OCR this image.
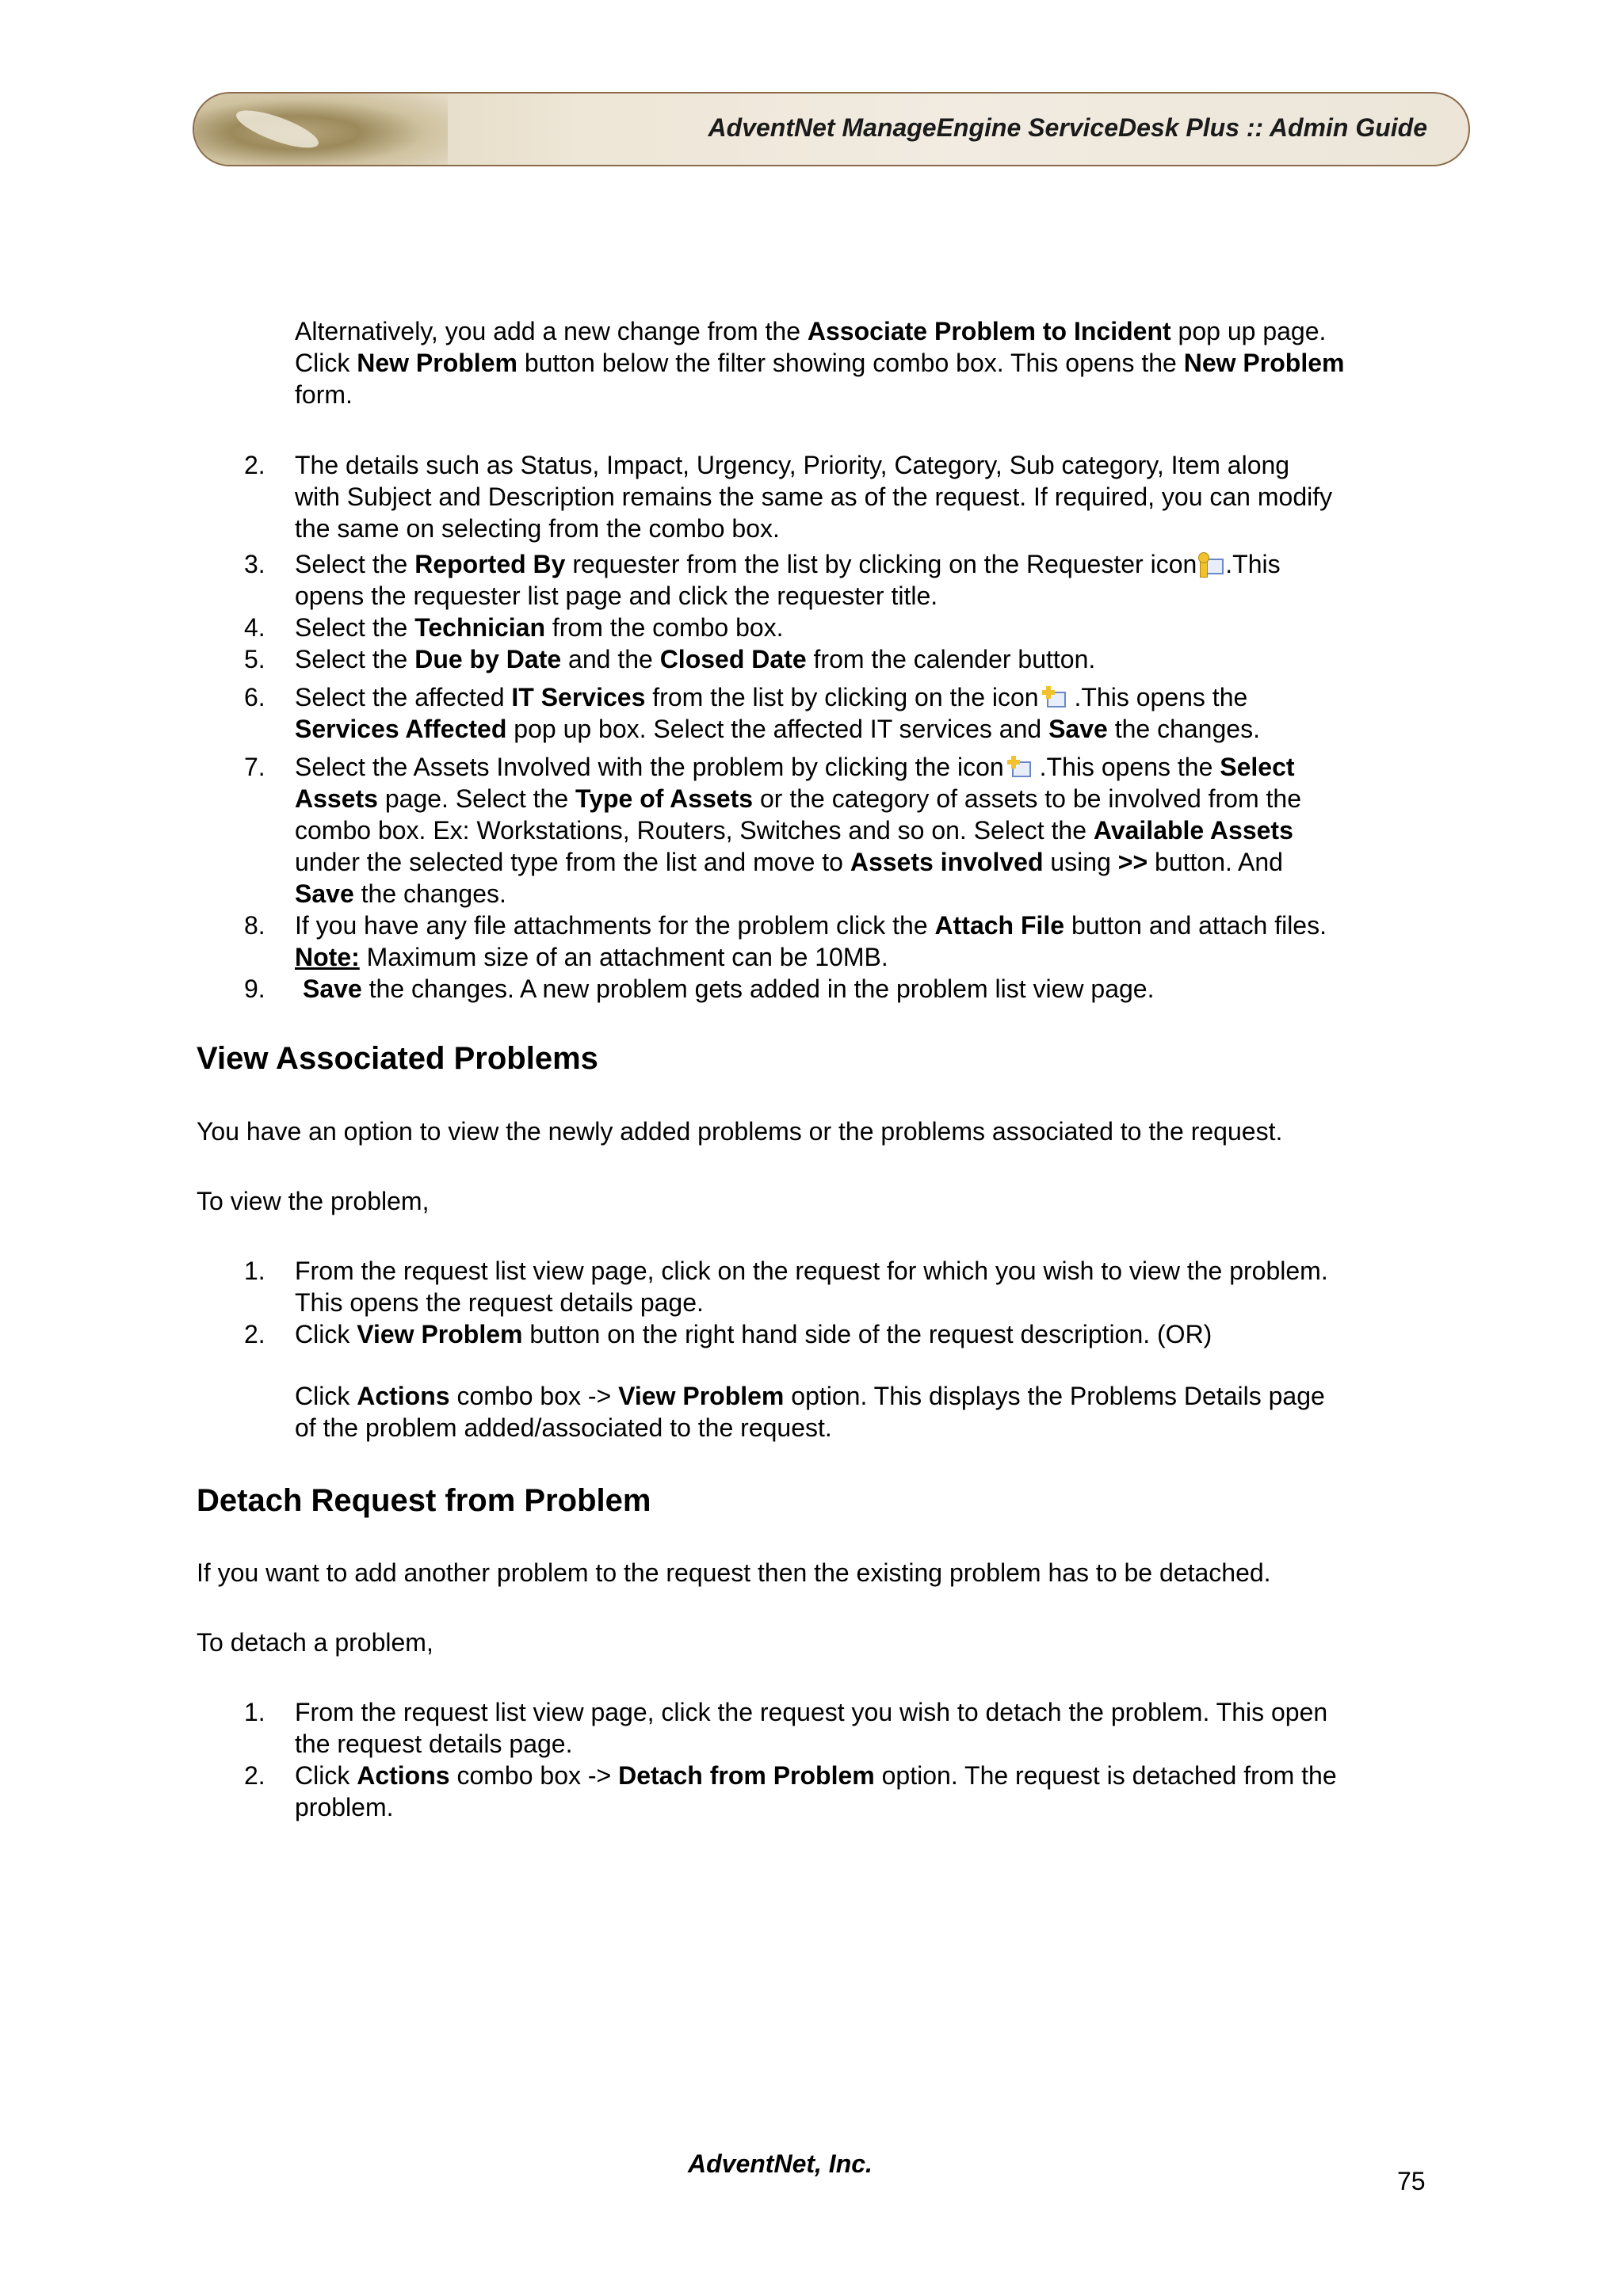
AdventNet ManageEngine ServiceDesk Plus :: Admin Guide

Alternatively, you add a new change from the Associate Problem to Incident pop up page.

Click New Problem button below the filter showing combo box. This opens the New Problem

form.

2. The details such as Status, Impact, Urgency, Priority, Category, Sub category, Item along

with Subject and Description remains the same as of the request. If required, you can modify

the same on selecting from the combo box.

3. Select the Reported By requester from the list by clicking on the Requester icon .This

opens the requester list page and click the requester title.

4. Select the Technician from the combo box.

5. Select the Due by Date and the Closed Date from the calender button.

6. Select the affected IT Services from the list by clicking on the icon
.This opens the

Services Affected pop up box. Select the affected IT services and Save the changes.

7. Select the Assets Involved with the problem by clicking the icon
.This opens the Select

Assets page. Select the Type of Assets or the category of assets to be involved from the

combo box. Ex: Workstations, Routers, Switches and so on. Select the Available Assets

under the selected type from the list and move to Assets involved using >> button. And

Save the changes.

8. If you have any file attachments for the problem click the Attach File button and attach files.

Note: Maximum size of an attachment can be 10MB.

9. Save the changes. A new problem gets added in the problem list view page.

View Associated Problems

You have an option to view the newly added problems or the problems associated to the request.

To view the problem,

1. From the request list view page, click on the request for which you wish to view the problem.

This opens the request details page.

2. Click View Problem button on the right hand side of the request description. (OR)

Click Actions combo box -> View Problem option. This displays the Problems Details page

of the problem added/associated to the request.

Detach Request from Problem

If you want to add another problem to the request then the existing problem has to be detached.

To detach a problem,

1. From the request list view page, click the request you wish to detach the problem. This open

the request details page.

2. Click Actions combo box -> Detach from Problem option. The request is detached from the

problem.

AdventNet, Inc.
75
